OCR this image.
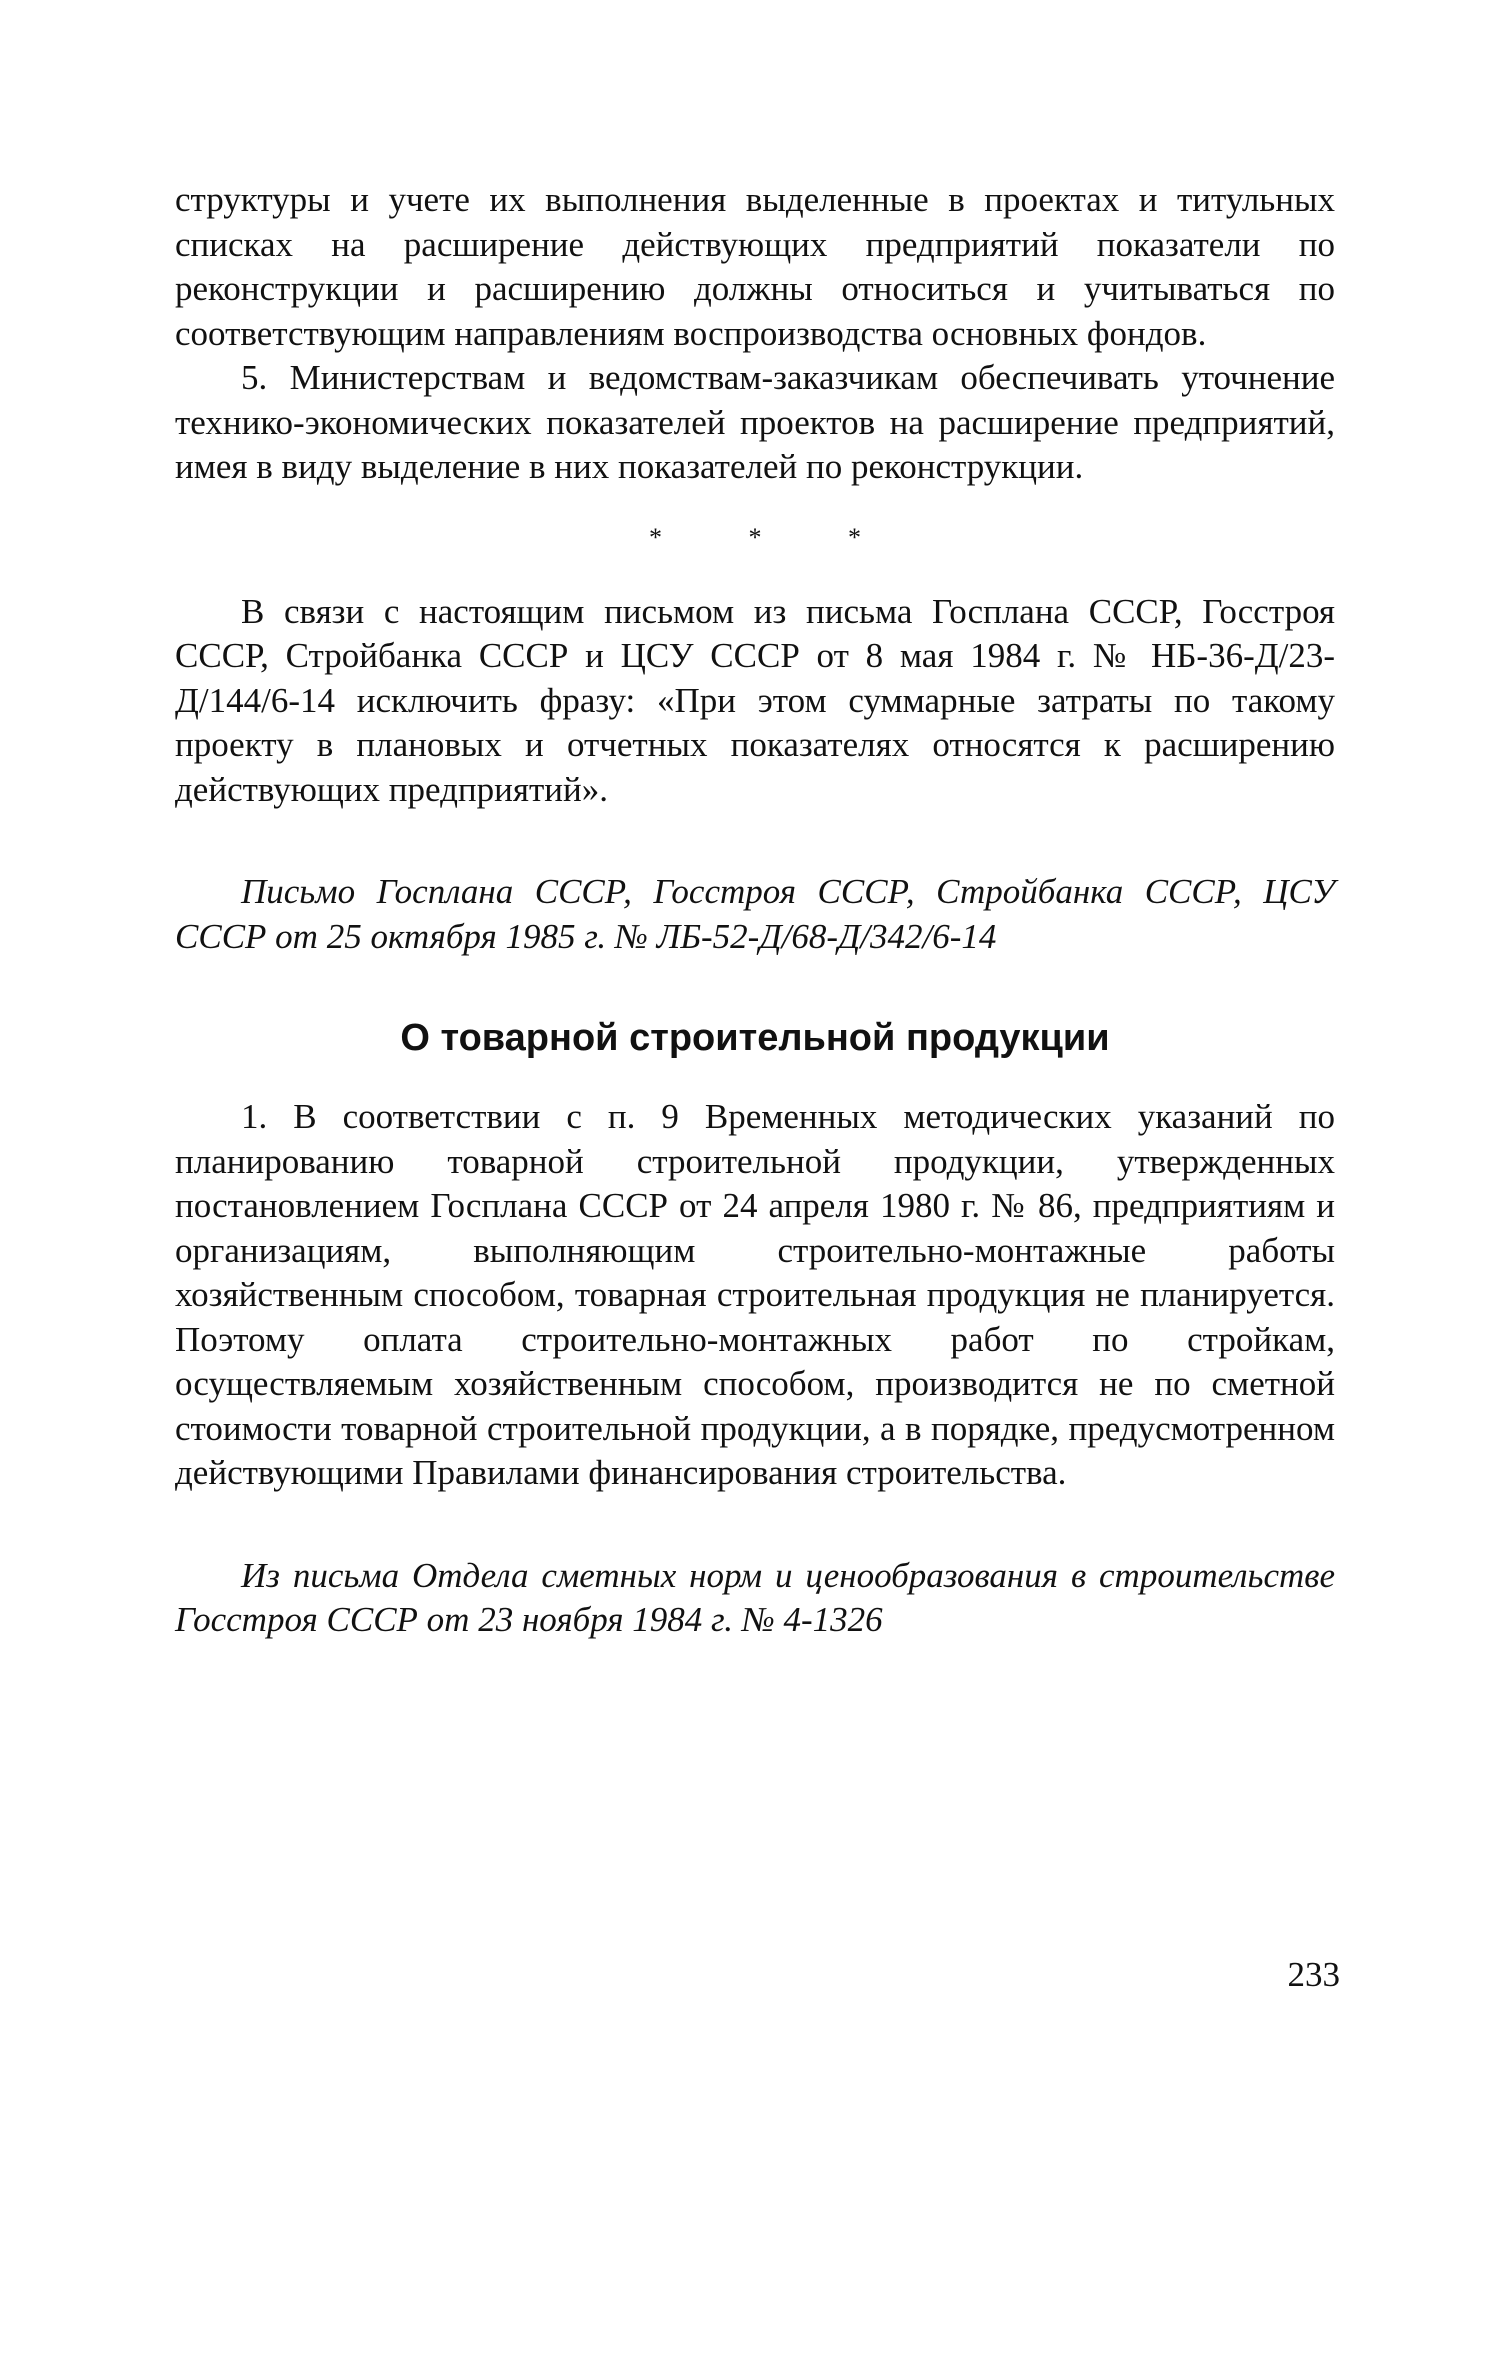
структуры и учете их выполнения выделенные в проектах и титульных списках на расширение действующих предприятий показатели по реконструкции и расширению должны относиться и учитываться по соответствующим направлениям воспроизводства основных фондов.

5. Министерствам и ведомствам-заказчикам обеспечивать уточнение технико-экономических показателей проектов на расширение предприятий, имея в виду выделение в них показателей по реконструкции.

* * *

В связи с настоящим письмом из письма Госплана СССР, Госстроя СССР, Стройбанка СССР и ЦСУ СССР от 8 мая 1984 г. № НБ-36-Д/23-Д/144/6-14 исключить фразу: «При этом суммарные затраты по такому проекту в плановых и отчетных показателях относятся к расширению действующих предприятий».

Письмо Госплана СССР, Госстроя СССР, Стройбанка СССР, ЦСУ СССР от 25 октября 1985 г. № ЛБ-52-Д/68-Д/342/6-14

О товарной строительной продукции

1. В соответствии с п. 9 Временных методических указаний по планированию товарной строительной продукции, утвержденных постановлением Госплана СССР от 24 апреля 1980 г. № 86, предприятиям и организациям, выполняющим строительно-монтажные работы хозяйственным способом, товарная строительная продукция не планируется. Поэтому оплата строительно-монтажных работ по стройкам, осуществляемым хозяйственным способом, производится не по сметной стоимости товарной строительной продукции, а в порядке, предусмотренном действующими Правилами финансирования строительства.

Из письма Отдела сметных норм и ценообразования в строительстве Госстроя СССР от 23 ноября 1984 г. № 4-1326

233
